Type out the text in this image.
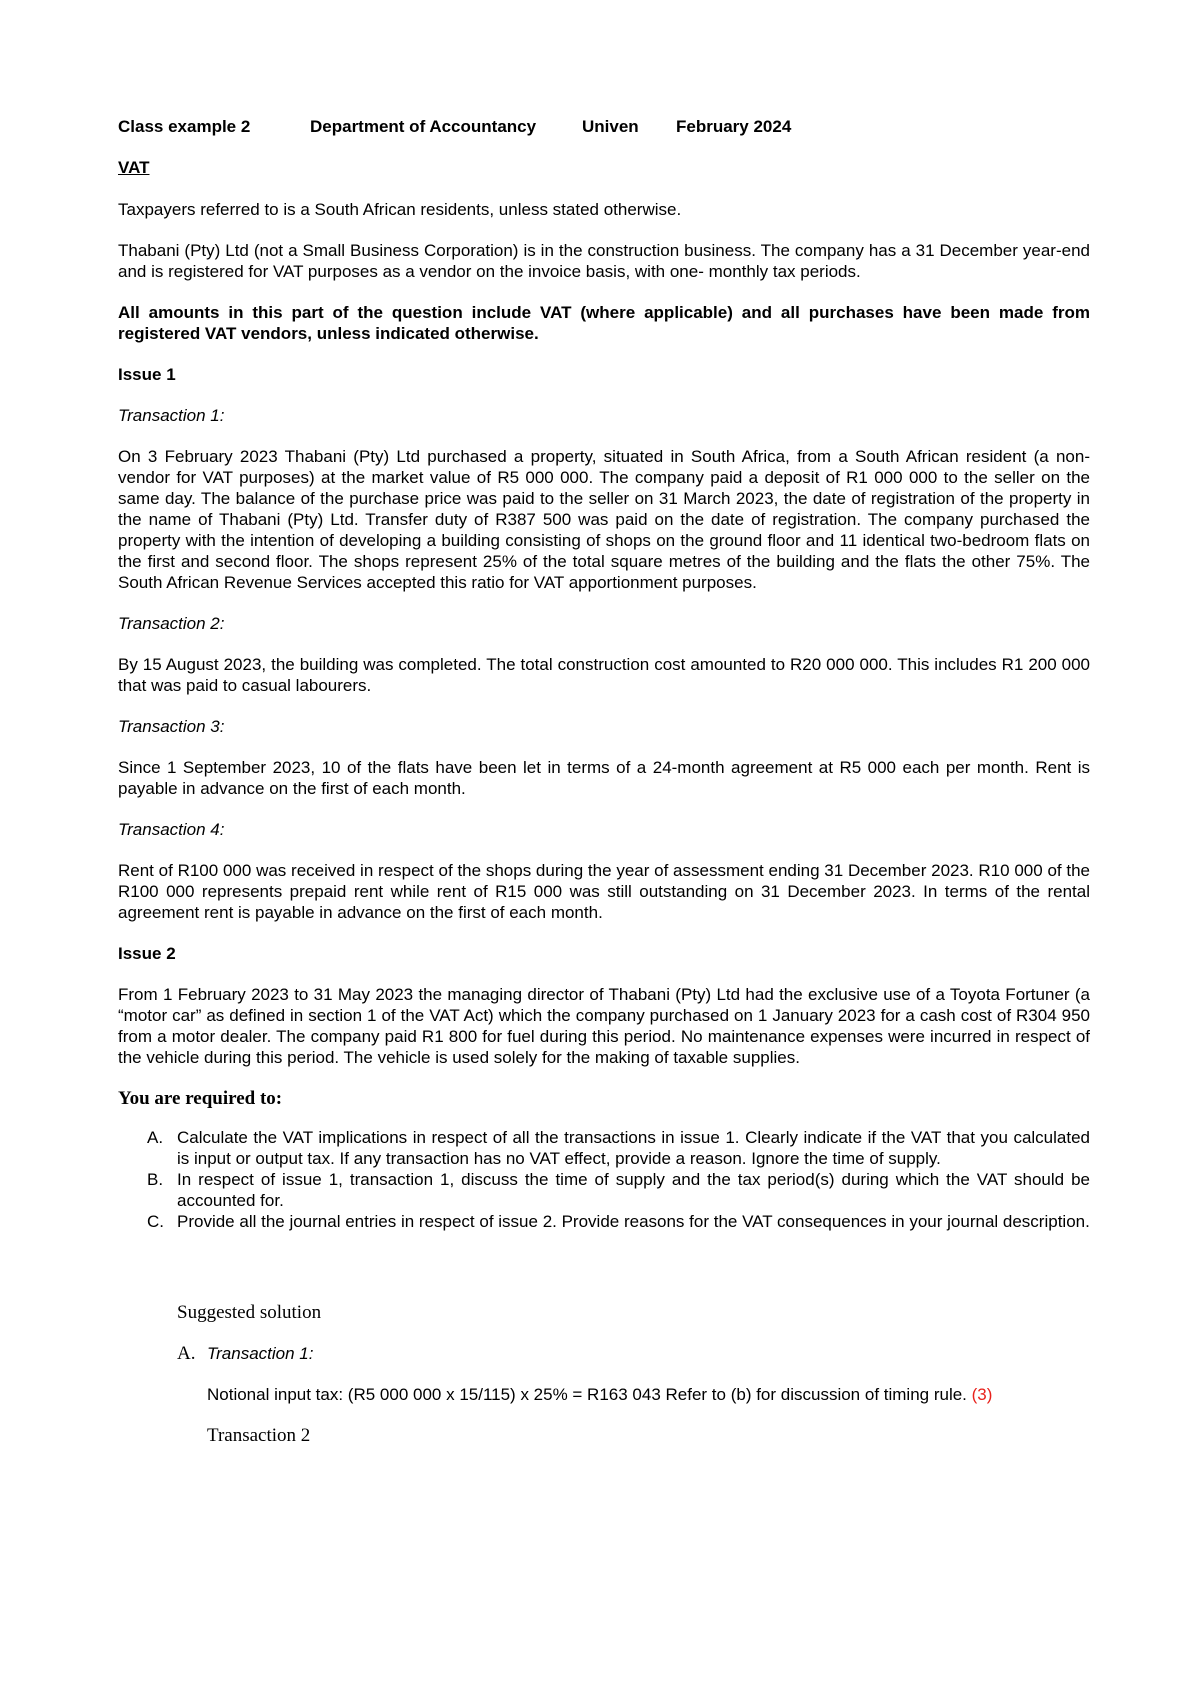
Class example 2	Department of Accountancy	Univen February 2024
VAT

Taxpayers referred to is a South African residents, unless stated otherwise.

Thabani (Pty) Ltd (not a Small Business Corporation) is in the construction business. The company has a 31 December year-end and is registered for VAT purposes as a vendor on the invoice basis, with one- monthly tax periods.

All amounts in this part of the question include VAT (where applicable) and all purchases have been made from registered VAT vendors, unless indicated otherwise.

Issue 1

Transaction 1:

On 3 February 2023 Thabani (Pty) Ltd purchased a property, situated in South Africa, from a South African resident (a non-vendor for VAT purposes) at the market value of R5 000 000. The company paid a deposit of R1 000 000 to the seller on the same day. The balance of the purchase price was paid to the seller on 31 March 2023, the date of registration of the property in the name of Thabani (Pty) Ltd. Transfer duty of R387 500 was paid on the date of registration. The company purchased the property with the intention of developing a building consisting of shops on the ground floor and 11 identical two-bedroom flats on the first and second floor. The shops represent 25% of the total square metres of the building and the flats the other 75%. The South African Revenue Services accepted this ratio for VAT apportionment purposes.

Transaction 2:

By 15 August 2023, the building was completed. The total construction cost amounted to R20 000 000. This includes R1 200 000 that was paid to casual labourers.

Transaction 3:

Since 1 September 2023, 10 of the flats have been let in terms of a 24-month agreement at R5 000 each per month. Rent is payable in advance on the first of each month.

Transaction 4:

Rent of R100 000 was received in respect of the shops during the year of assessment ending 31 December 2023. R10 000 of the R100 000 represents prepaid rent while rent of R15 000 was still outstanding on 31 December 2023. In terms of the rental agreement rent is payable in advance on the first of each month.

Issue 2

From 1 February 2023 to 31 May 2023 the managing director of Thabani (Pty) Ltd had the exclusive use of a Toyota Fortuner (a “motor car” as defined in section 1 of the VAT Act) which the company purchased on 1 January 2023 for a cash cost of R304 950 from a motor dealer. The company paid R1 800 for fuel during this period. No maintenance expenses were incurred in respect of the vehicle during this period. The vehicle is used solely for the making of taxable supplies.

You are required to:
A. Calculate the VAT implications in respect of all the transactions in issue 1. Clearly indicate if the VAT that you calculated is input or output tax. If any transaction has no VAT effect, provide a reason. Ignore the time of supply.
B. In respect of issue 1, transaction 1, discuss the time of supply and the tax period(s) during which the VAT should be accounted for.
C. Provide all the journal entries in respect of issue 2. Provide reasons for the VAT consequences in your journal description.
Suggested solution
A. Transaction 1:

Notional input tax: (R5 000 000 x 15/115) x 25% = R163 043 Refer to (b) for discussion of timing rule. (3)

Transaction 2
